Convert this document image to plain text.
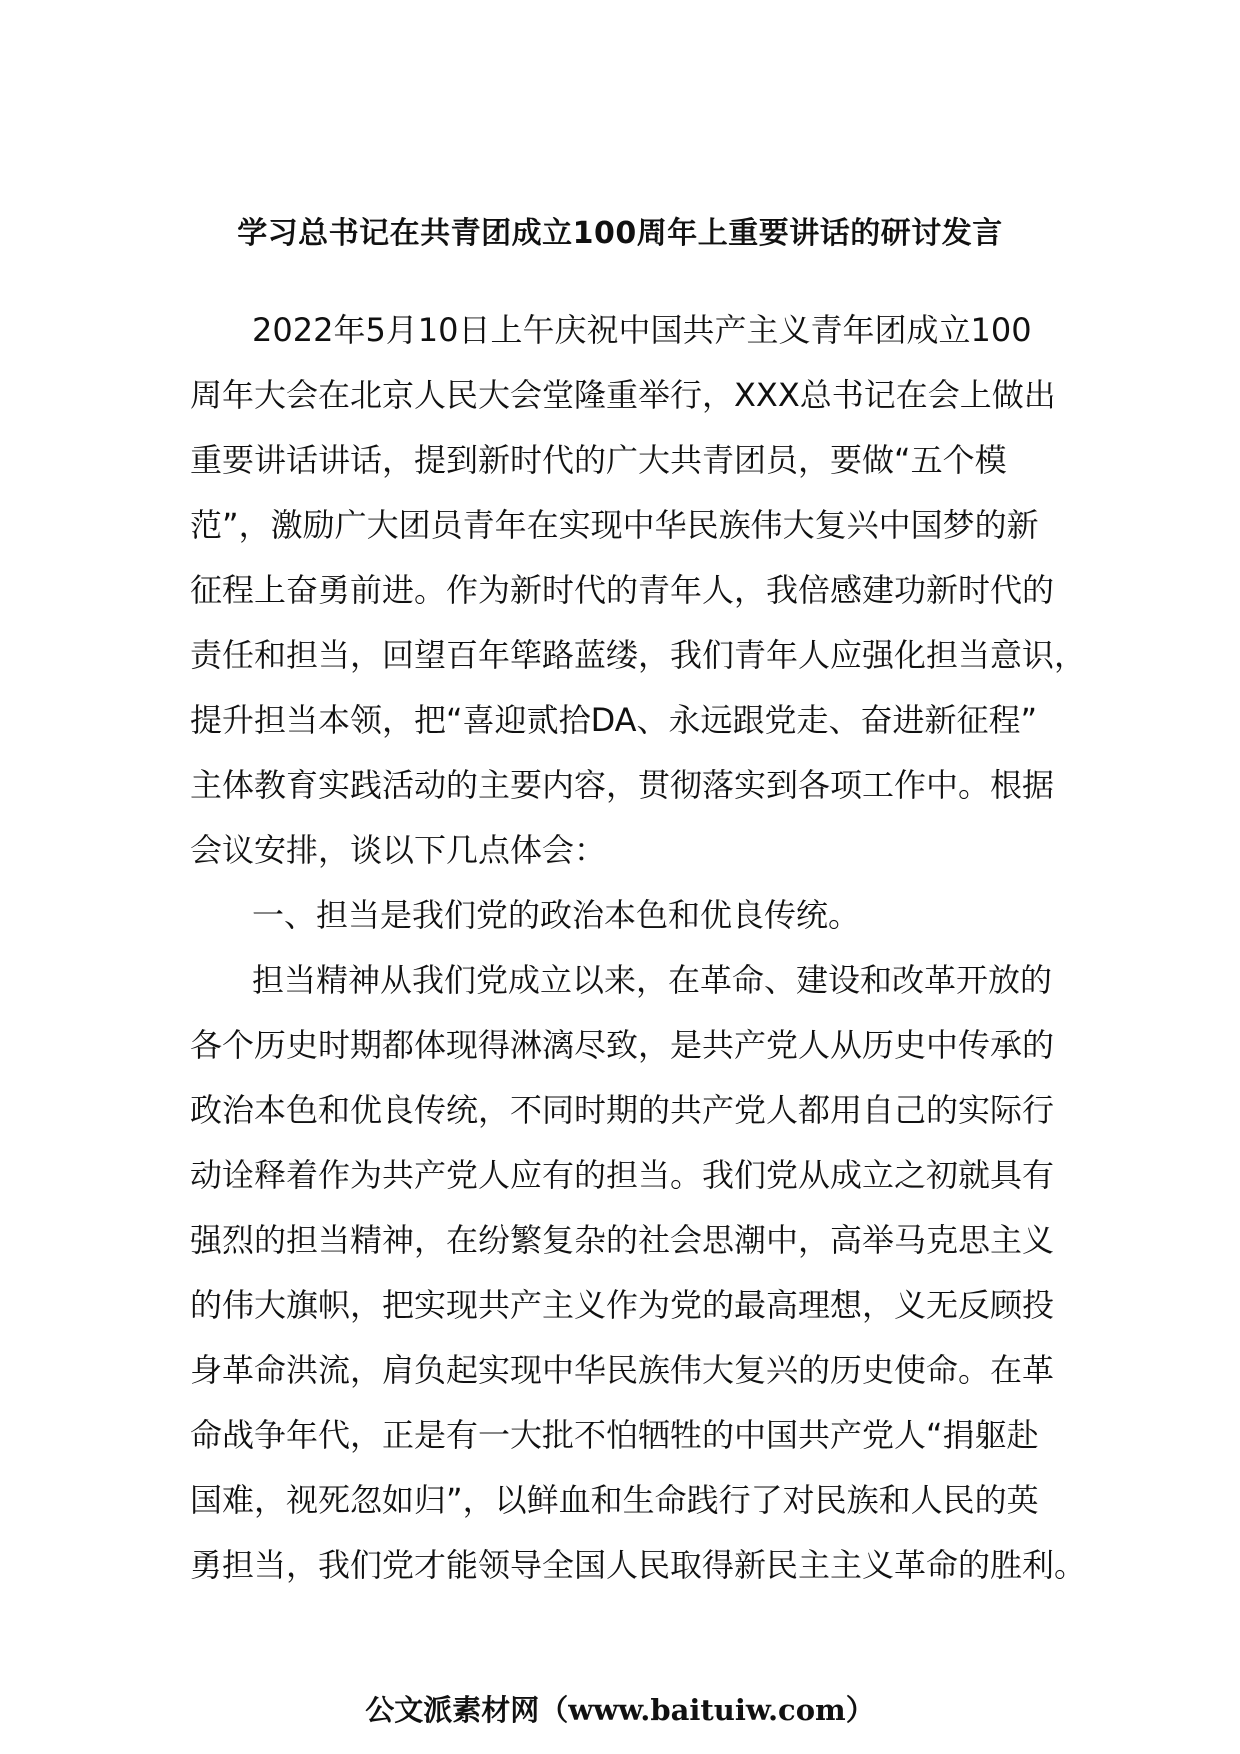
学习总书记在共青团成立100周年上重要讲话的研讨发言
2022年5月10日上午庆祝中国共产主义青年团成立100
周年大会在北京人民大会堂隆重举行，XXX总书记在会上做出
重要讲话讲话，提到新时代的广大共青团员，要做“五个模
范”，激励广大团员青年在实现中华民族伟大复兴中国梦的新
征程上奋勇前进。作为新时代的青年人，我倍感建功新时代的
责任和担当，回望百年筚路蓝缕，我们青年人应强化担当意识，
提升担当本领，把“喜迎贰拾DA、永远跟党走、奋进新征程”
主体教育实践活动的主要内容，贯彻落实到各项工作中。根据
会议安排，谈以下几点体会：
一、担当是我们党的政治本色和优良传统。
担当精神从我们党成立以来，在革命、建设和改革开放的
各个历史时期都体现得淋漓尽致，是共产党人从历史中传承的
政治本色和优良传统，不同时期的共产党人都用自己的实际行
动诠释着作为共产党人应有的担当。我们党从成立之初就具有
强烈的担当精神，在纷繁复杂的社会思潮中，高举马克思主义
的伟大旗帜，把实现共产主义作为党的最高理想，义无反顾投
身革命洪流，肩负起实现中华民族伟大复兴的历史使命。在革
命战争年代，正是有一大批不怕牺牲的中国共产党人“捐躯赴
国难，视死忽如归”，以鲜血和生命践行了对民族和人民的英
勇担当，我们党才能领导全国人民取得新民主主义革命的胜利。
公文派素材网（www.baituiw.com）
